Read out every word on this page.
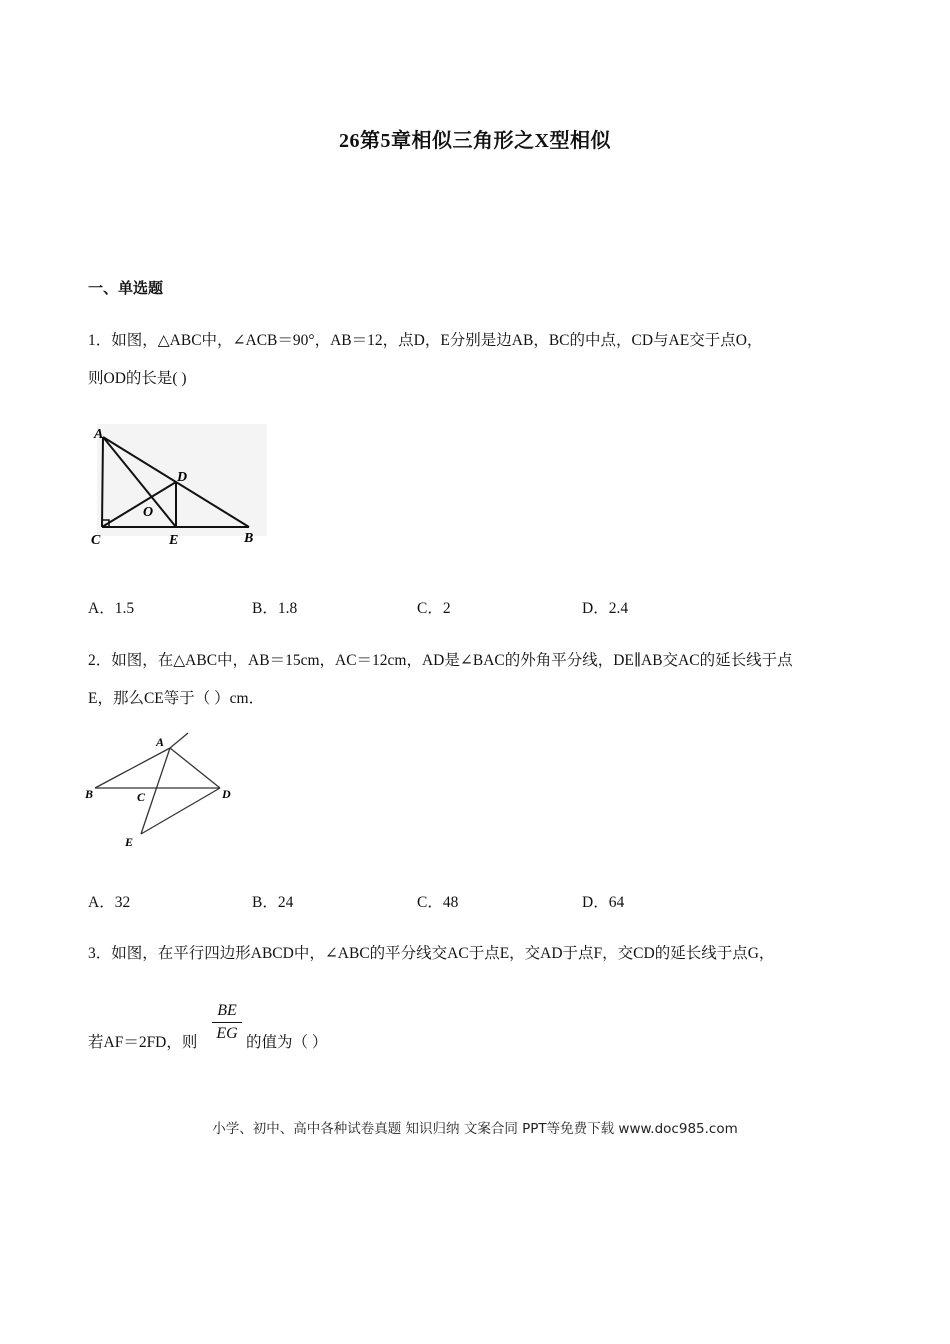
26第5章相似三角形之X型相似
一、单选题
1．如图，△ABC中，∠ACB＝90°，AB＝12，点D，E分别是边AB，BC的中点，CD与AE交于点O，
则OD的长是( )
A
D
O
C	E	B
A．1.5	B．1.8	C．2	D．2.4
2．如图，在△ABC中，AB＝15cm，AC＝12cm，AD是∠BAC的外角平分线，DE∥AB交AC的延长线于点
E，那么CE等于（ ）cm．
A
B	C	D
E
A．32	B．24	C．48	D．64
3．如图，在平行四边形ABCD中，∠ABC的平分线交AC于点E，交AD于点F，交CD的延长线于点G，
若AF＝2FD，则
BE
EG
的值为（ ）
小学、初中、高中各种试卷真题 知识归纳 文案合同 PPT等免费下载 www.doc985.com
